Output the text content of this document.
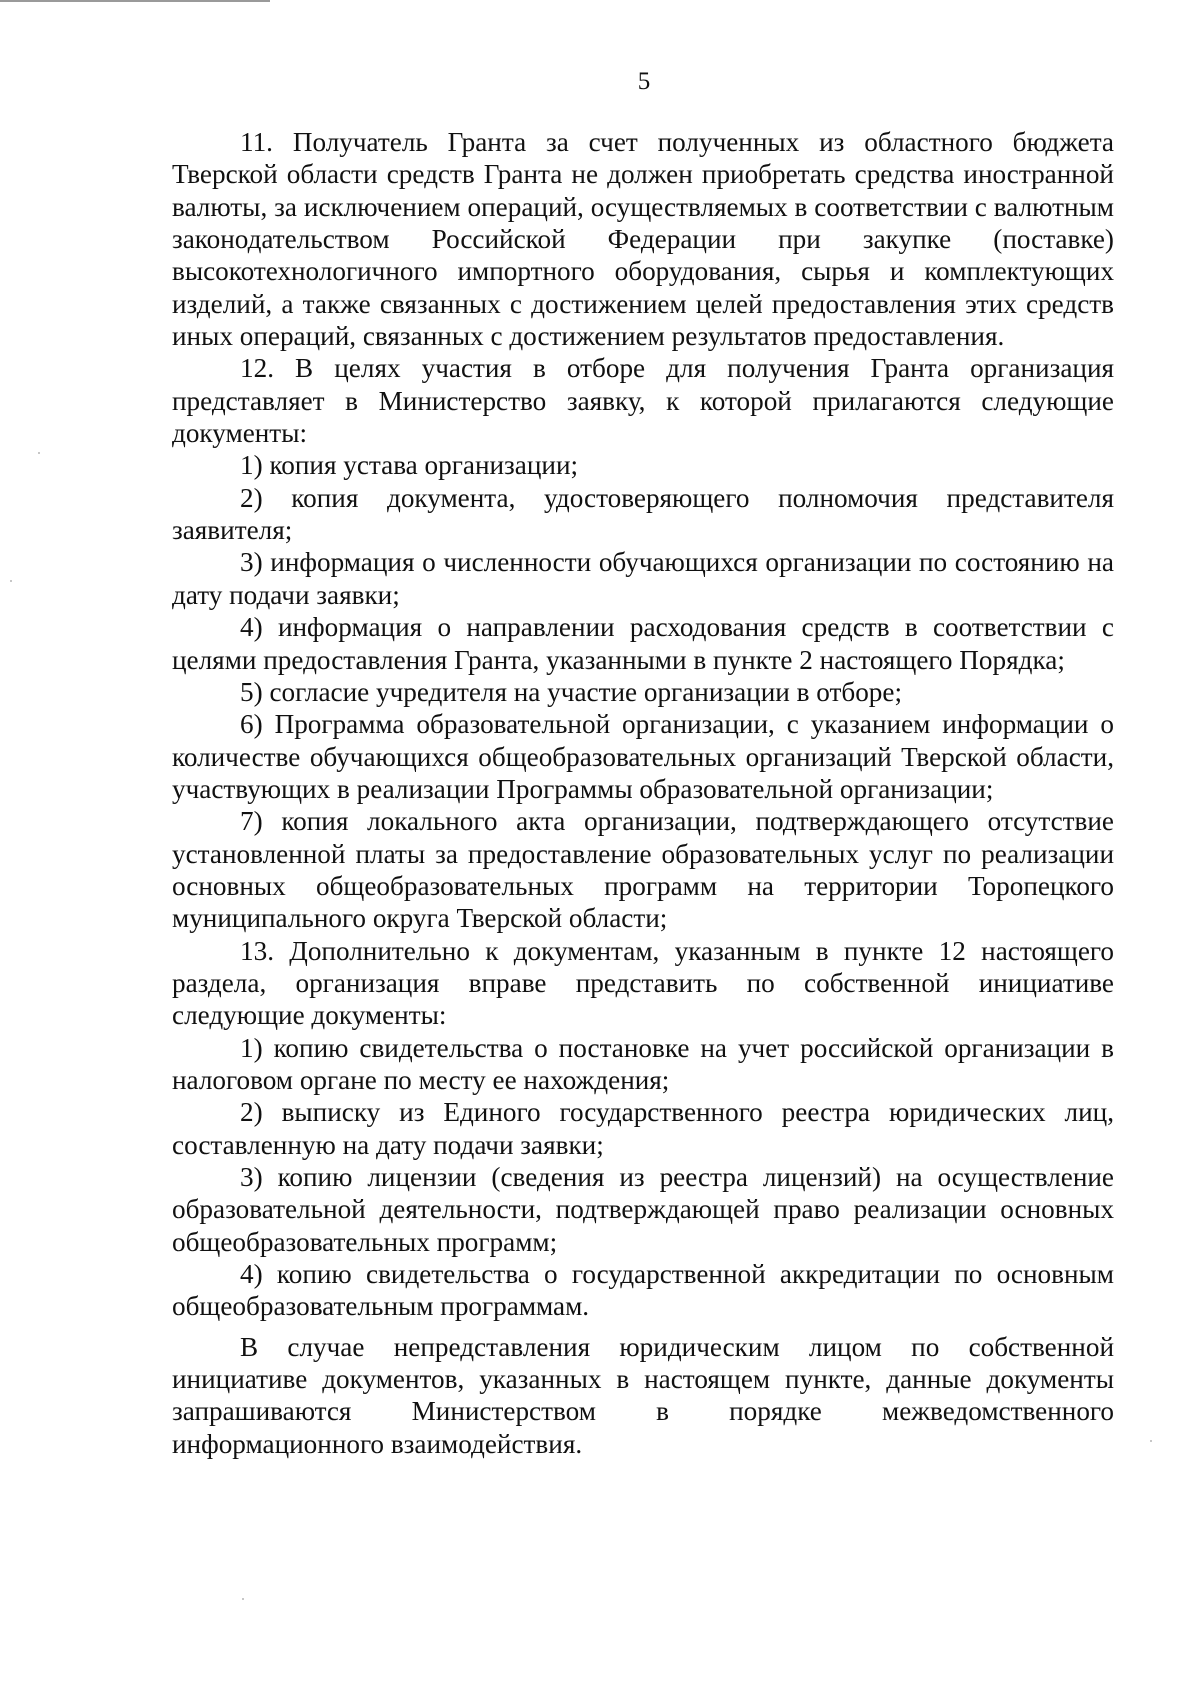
5

11. Получатель Гранта за счет полученных из областного бюджета Тверской области средств Гранта не должен приобретать средства иностранной валюты, за исключением операций, осуществляемых в соответствии с валютным законодательством Российской Федерации при закупке (поставке) высокотехнологичного импортного оборудования, сырья и комплектующих изделий, а также связанных с достижением целей предоставления этих средств иных операций, связанных с достижением результатов предоставления.

12. В целях участия в отборе для получения Гранта организация представляет в Министерство заявку, к которой прилагаются следующие документы:

1) копия устава организации;

2) копия документа, удостоверяющего полномочия представителя заявителя;

3) информация о численности обучающихся организации по состоянию на дату подачи заявки;

4) информация о направлении расходования средств в соответствии с целями предоставления Гранта, указанными в пункте 2 настоящего Порядка;

5) согласие учредителя на участие организации в отборе;

6) Программа образовательной организации, с указанием информации о количестве обучающихся общеобразовательных организаций Тверской области, участвующих в реализации Программы образовательной организации;

7) копия локального акта организации, подтверждающего отсутствие установленной платы за предоставление образовательных услуг по реализации основных общеобразовательных программ на территории Торопецкого муниципального округа Тверской области;

13. Дополнительно к документам, указанным в пункте 12 настоящего раздела, организация вправе представить по собственной инициативе следующие документы:

1) копию свидетельства о постановке на учет российской организации в налоговом органе по месту ее нахождения;

2) выписку из Единого государственного реестра юридических лиц, составленную на дату подачи заявки;

3) копию лицензии (сведения из реестра лицензий) на осуществление образовательной деятельности, подтверждающей право реализации основных общеобразовательных программ;

4) копию свидетельства о государственной аккредитации по основным общеобразовательным программам.

В случае непредставления юридическим лицом по собственной инициативе документов, указанных в настоящем пункте, данные документы запрашиваются Министерством в порядке межведомственного информационного взаимодействия.
